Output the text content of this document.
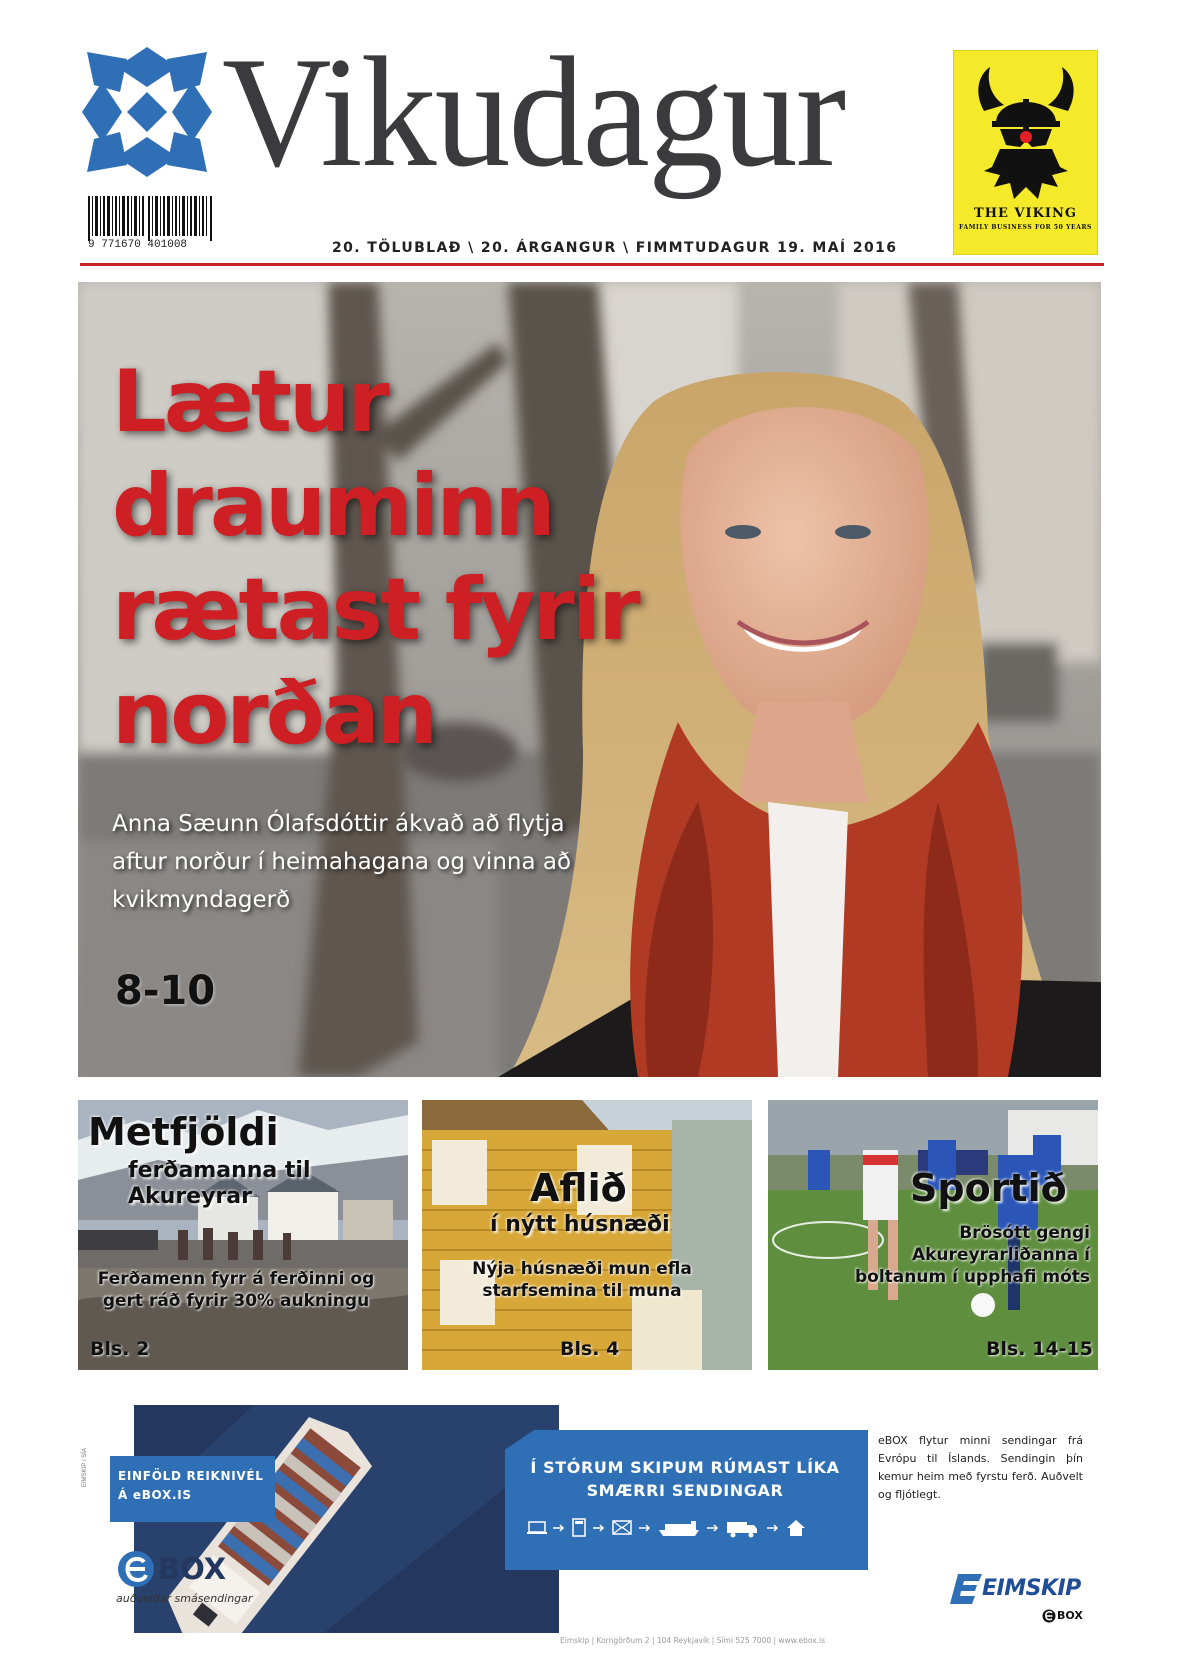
Vikudagur
9 771670 401008	20. TÖLUBLAÐ \ 20. ÁRGANGUR \ FIMMTUDAGUR 19. MAÍ 2016
THE VIKING
FAMILY BUSINESS FOR 50 YEARS
Lætur
drauminn
rætast fyrir
norðan
Anna Sæunn Ólafsdóttir ákvað að flytja aftur norður í heimahagana og vinna að kvikmyndagerð
8-10
Metfjöldi
ferðamanna til
Akureyrar
Ferðamenn fyrr á ferðinni og gert ráð fyrir 30% aukningu
Bls. 2
Aflið
í nýtt húsnæði
Nýja húsnæði mun efla starfsemina til muna
Bls. 4
Sportið
Brösótt gengi Akureyrarliðanna í boltanum í upphafi móts
Bls. 14-15
EIMSKIP / SÍA	EINFÖLD REIKNIVÉL
Á eBOX.IS
Í STÓRUM SKIPUM RÚMAST LÍKA
SMÆRRI SENDINGAR
eBOX flytur minni sendingar frá Evrópu til Íslands. Sendingin þín kemur heim með fyrstu ferð. Auðvelt og fljótlegt.
BOX
auðveldar smásendingar
Eimskip | Korngörðum 2 | 104 Reykjavík | Sími 525 7000 | www.ebox.is
EIMSKIP
BOX
